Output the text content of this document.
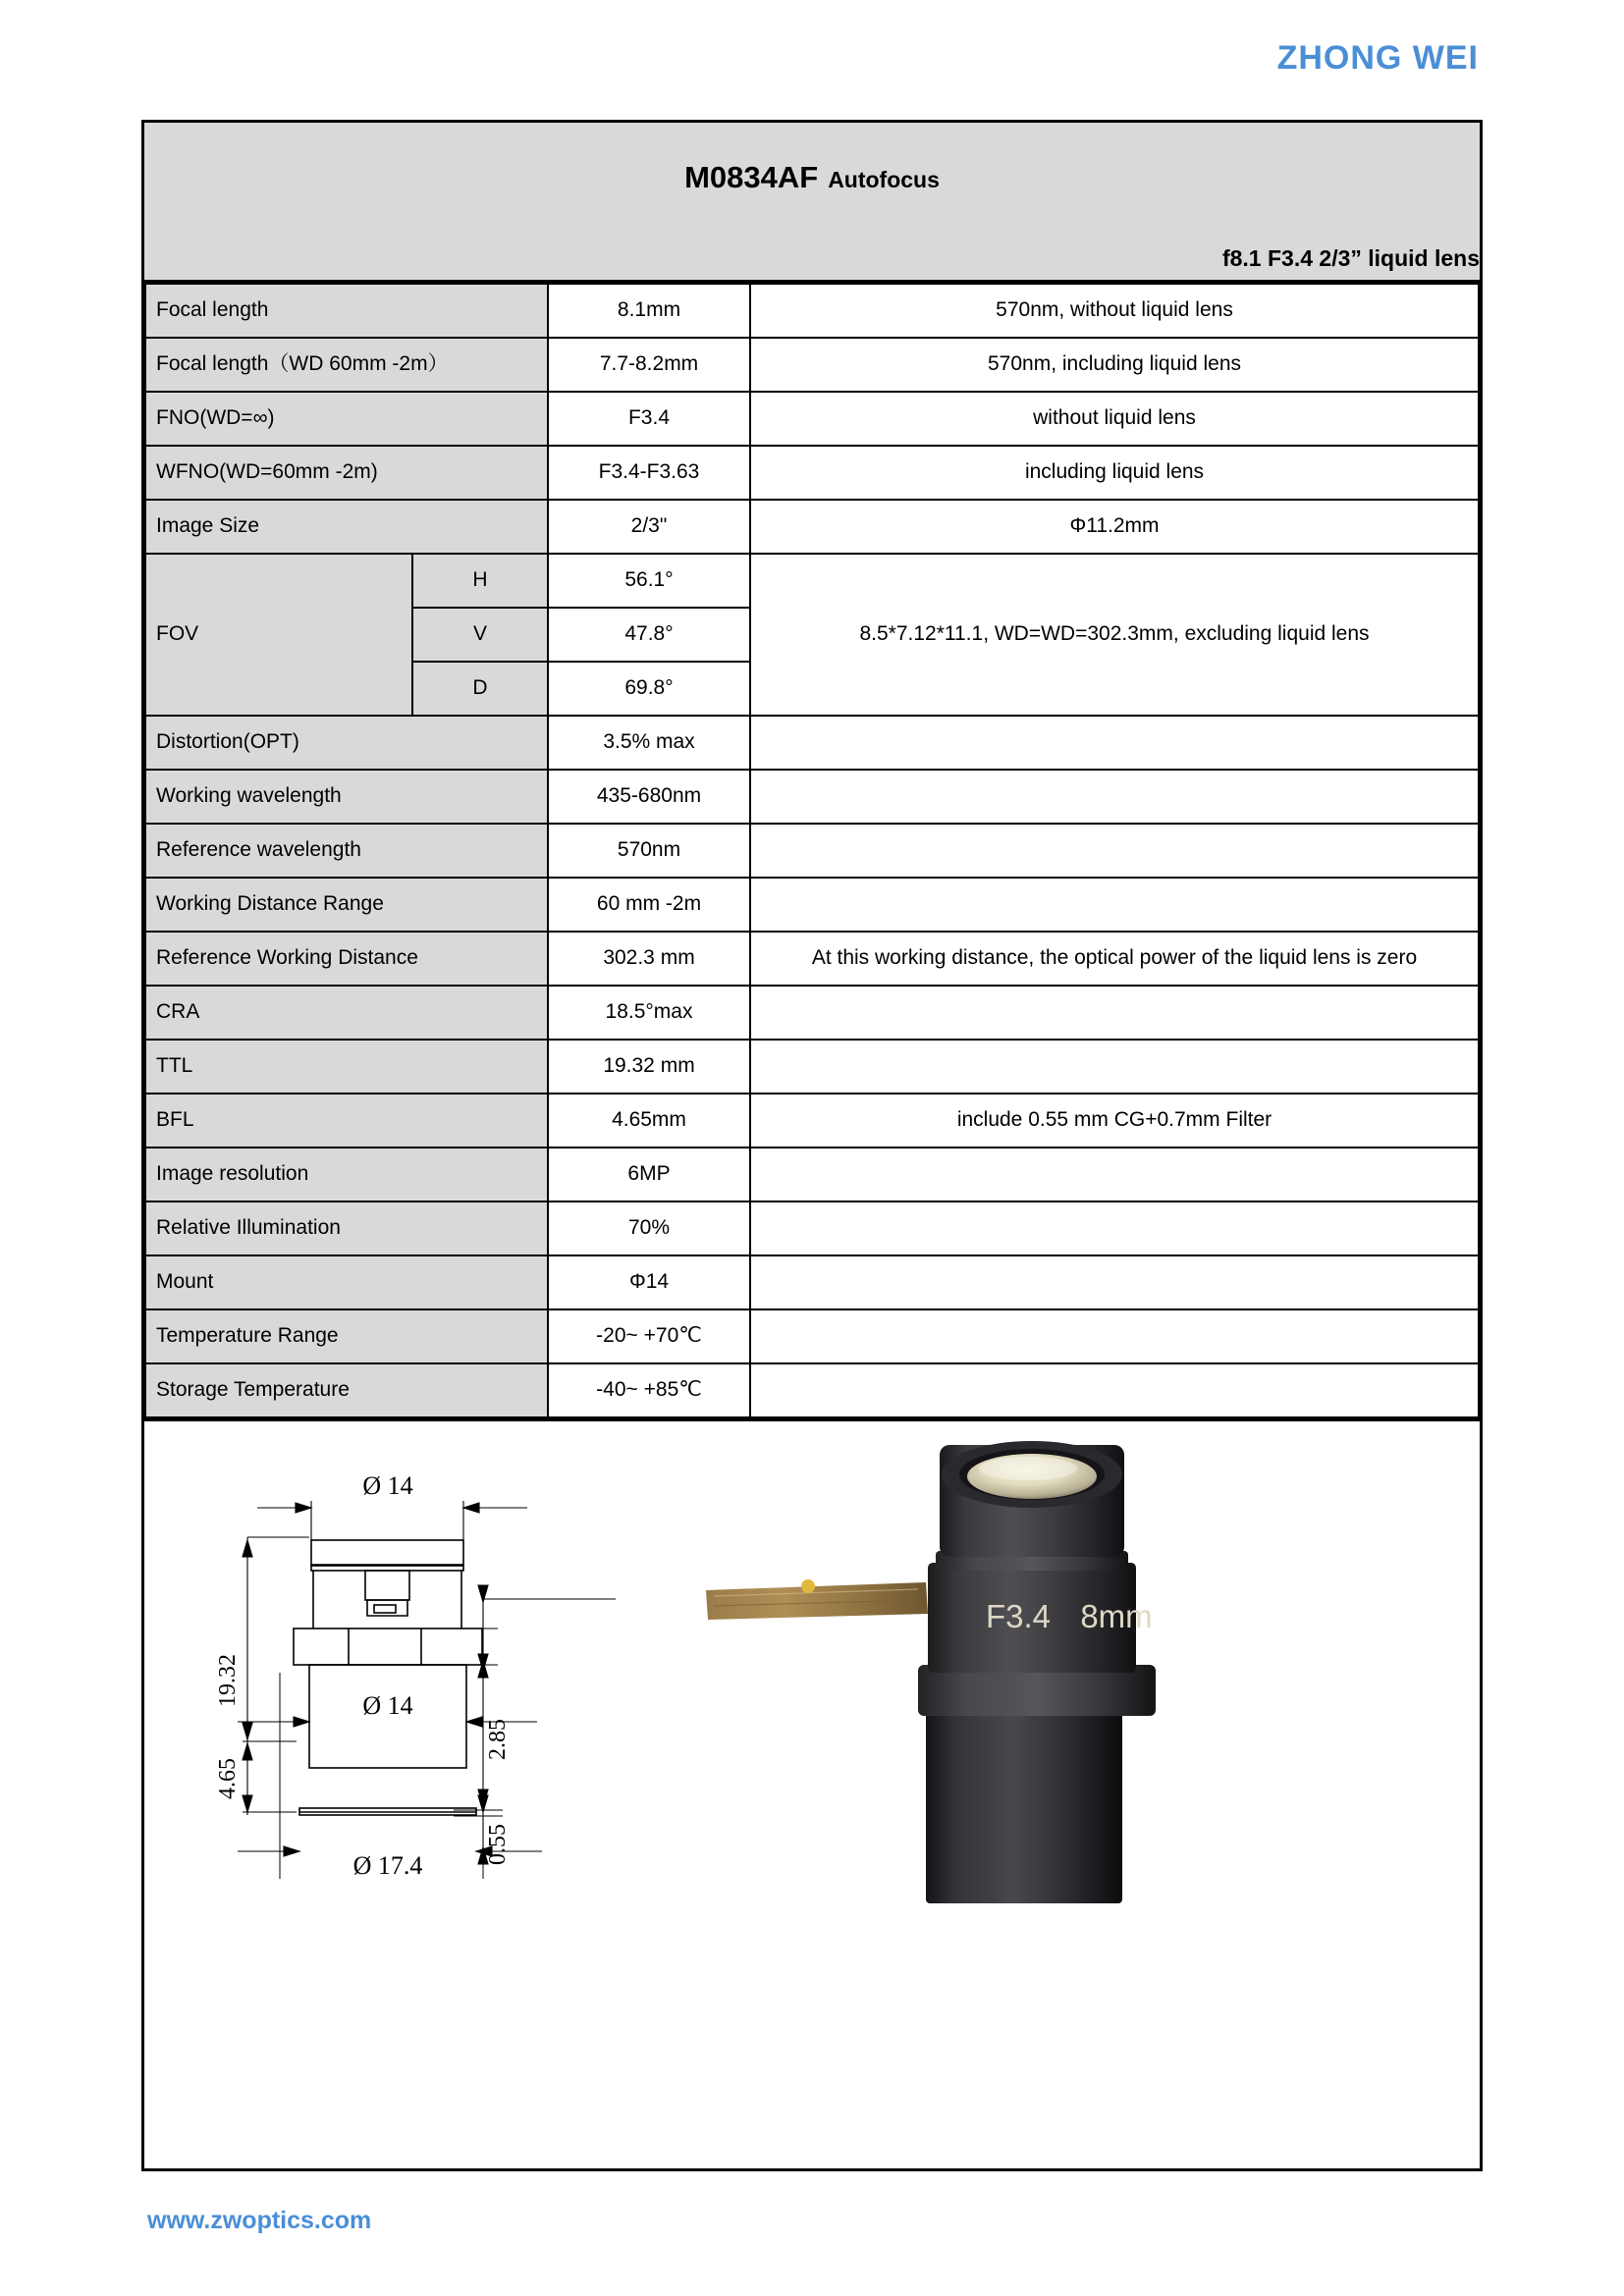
ZHONG WEI
M0834AF Autofocus
f8.1 F3.4 2/3” liquid lens
Focal length		8.1mm	570nm, without liquid lens
Focal length（WD 60mm -2m）		7.7-8.2mm	570nm, including liquid lens
FNO(WD=∞)		F3.4	without liquid lens
WFNO(WD=60mm -2m)		F3.4-F3.63	including liquid lens
Image Size		2/3"	Φ11.2mm
FOV	H	56.1°	8.5*7.12*11.1, WD=WD=302.3mm, excluding liquid lens
	V	47.8°	
	D	69.8°	
Distortion(OPT)		3.5% max	
Working wavelength		435-680nm	
Reference wavelength		570nm	
Working Distance Range		60 mm -2m	
Reference Working Distance		302.3 mm	At this working distance, the optical power of the liquid lens is zero
CRA		18.5°max	
TTL		19.32 mm	
BFL		4.65mm	include 0.55 mm CG+0.7mm Filter
Image resolution		6MP	
Relative Illumination		70%	
Mount		Φ14	
Temperature Range		-20~ +70℃	
Storage Temperature		-40~ +85℃	
Ø 14
Ø 14
Ø 17.4
19.32
4.65
2.85
0.55
F3.4 8mm
www.zwoptics.com
